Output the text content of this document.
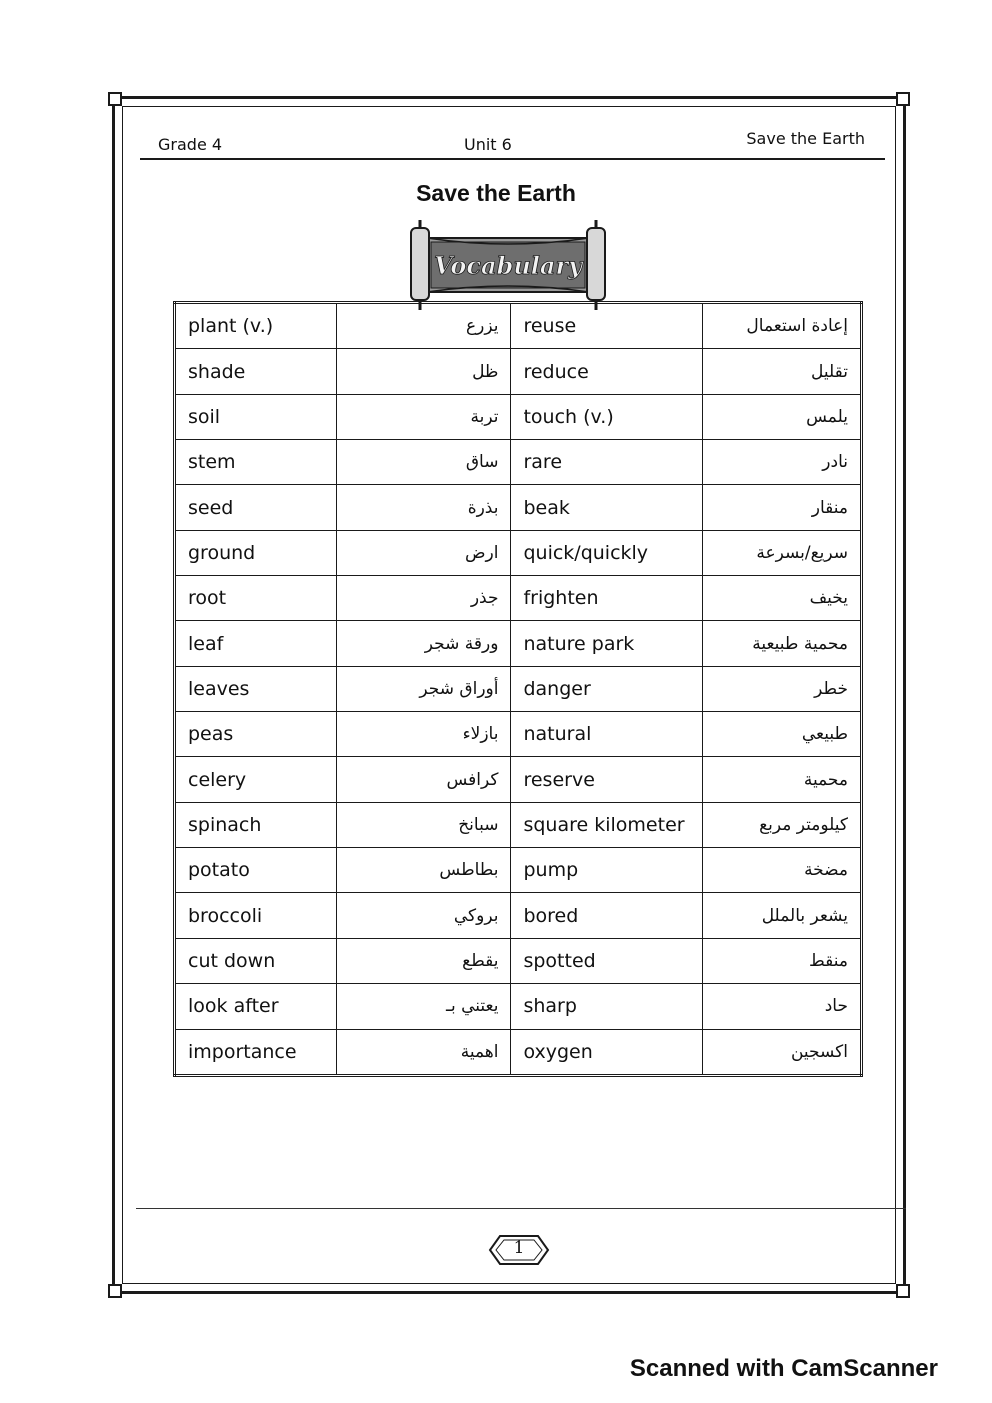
Grade 4	Unit 6	Save the Earth
Save the Earth
Vocabulary
plant (v.)	يزرع	reuse	إعادة استعمال
shade	ظل	reduce	تقليل
soil	تربة	touch (v.)	يلمس
stem	ساق	rare	نادر
seed	بذرة	beak	منقار
ground	ارض	quick/quickly	سريع/بسرعة
root	جذر	frighten	يخيف
leaf	ورقة شجر	nature park	محمية طبيعية
leaves	أوراق شجر	danger	خطر
peas	بازلاء	natural	طبيعي
celery	كرافس	reserve	محمية
spinach	سبانخ	square kilometer	كيلومتر مربع
potato	بطاطس	pump	مضخة
broccoli	بروكي	bored	يشعر بالملل
cut down	يقطع	spotted	منقط
look after	يعتني بـ	sharp	حاد
importance	اهمية	oxygen	اكسجين
1
Scanned with CamScanner
